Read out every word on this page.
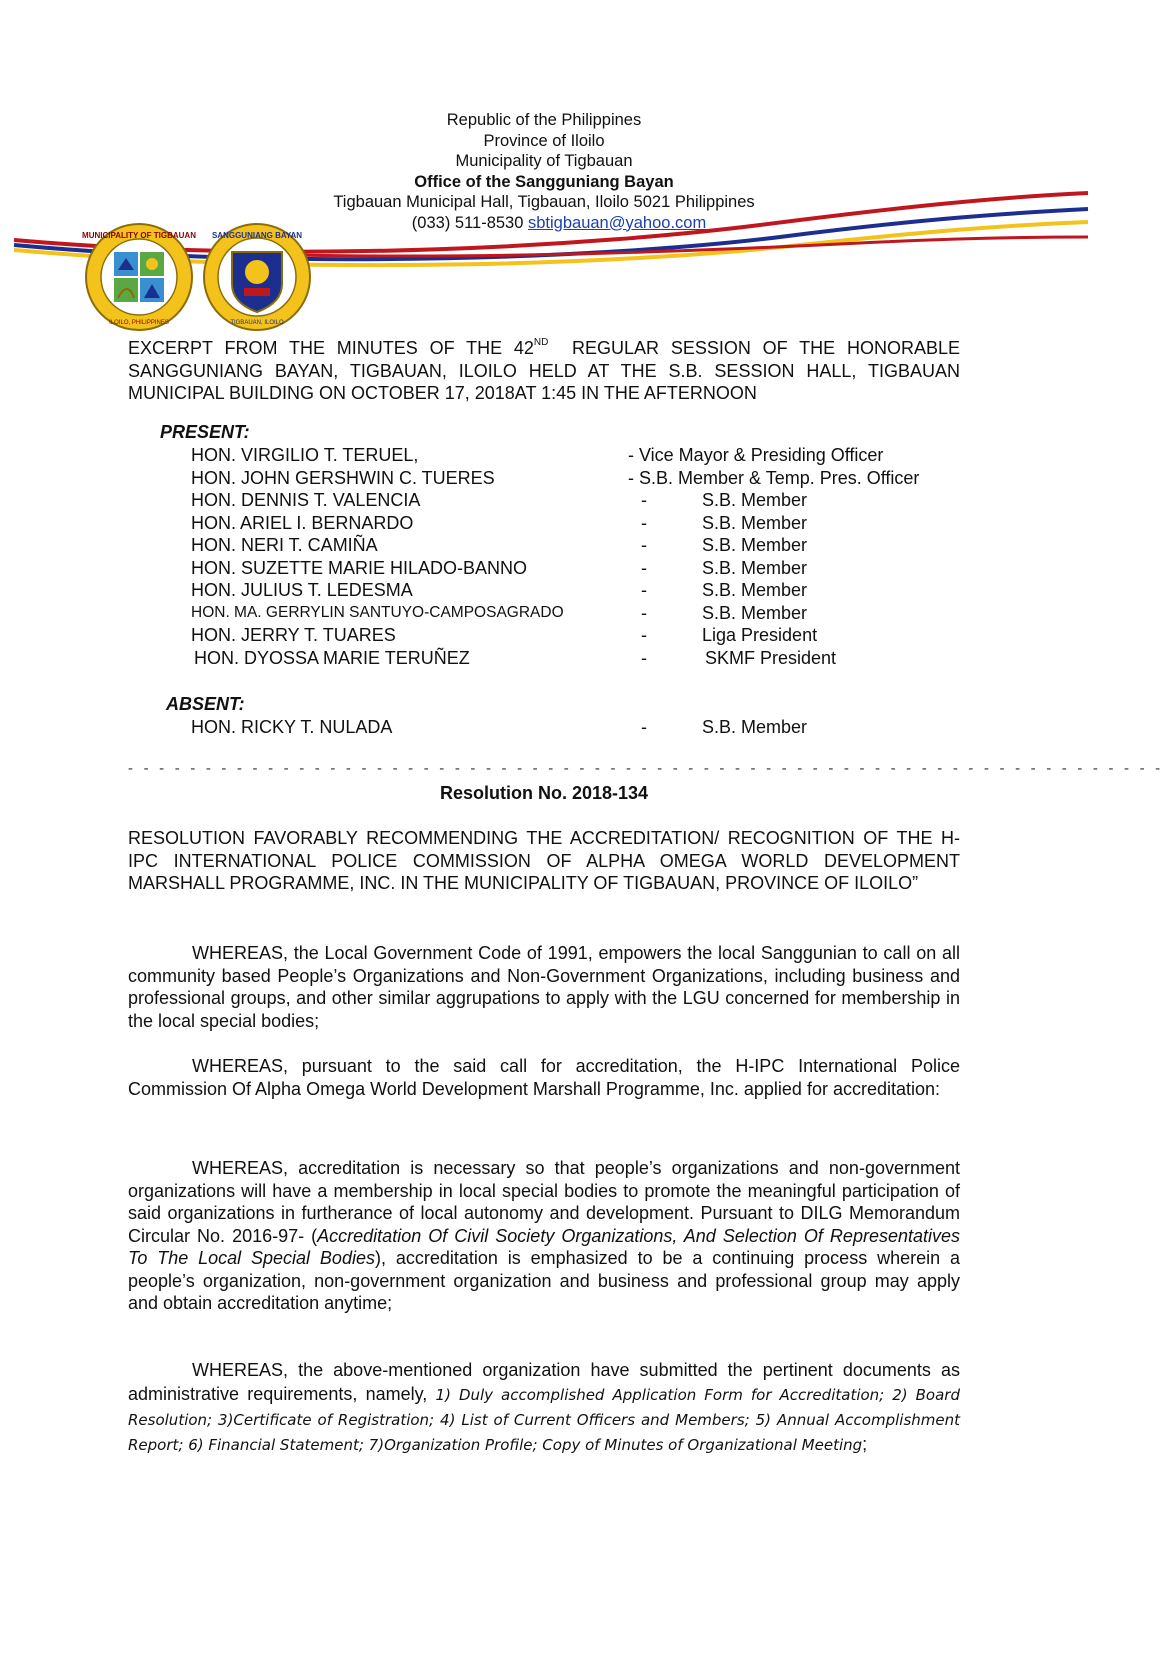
Republic of the Philippines
Province of Iloilo
Municipality of Tigbauan
Office of the Sangguniang Bayan
Tigbauan Municipal Hall, Tigbauan, Iloilo 5021 Philippines
(033) 511-8530 sbtigbauan@yahoo.com
MUNICIPALITY OF TIGBAUAN
ILOILO, PHILIPPINES
SANGGUNIANG BAYAN
TIGBAUAN, ILOILO
EXCERPT FROM THE MINUTES OF THE 42ND REGULAR SESSION OF THE HONORABLE SANGGUNIANG BAYAN, TIGBAUAN, ILOILO HELD AT THE S.B. SESSION HALL, TIGBAUAN MUNICIPAL BUILDING ON OCTOBER 17, 2018AT 1:45 IN THE AFTERNOON
PRESENT:
HON. VIRGILIO T. TERUEL,	- Vice Mayor & Presiding Officer
HON. JOHN GERSHWIN C. TUERES	- S.B. Member & Temp. Pres. Officer
HON. DENNIS T. VALENCIA	-	S.B. Member
HON. ARIEL I. BERNARDO	-	S.B. Member
HON. NERI T. CAMIÑA	-	S.B. Member
HON. SUZETTE MARIE HILADO-BANNO	-	S.B. Member
HON. JULIUS T. LEDESMA	-	S.B. Member
HON. MA. GERRYLIN SANTUYO-CAMPOSAGRADO	-	S.B. Member
HON. JERRY T. TUARES	-	Liga President
HON. DYOSSA MARIE TERUÑEZ	-	SKMF President
ABSENT:
HON. RICKY T. NULADA	-	S.B. Member
- - - - - - - - - - - - - - - - - - - - - - - - - - - - - - - - - - - - - - - - - - - - - - - - - - - - - - - - - - - - - - - - - - -
Resolution No. 2018-134
RESOLUTION FAVORABLY RECOMMENDING THE ACCREDITATION/ RECOGNITION OF THE H-IPC INTERNATIONAL POLICE COMMISSION OF ALPHA OMEGA WORLD DEVELOPMENT MARSHALL PROGRAMME, INC. IN THE MUNICIPALITY OF TIGBAUAN, PROVINCE OF ILOILO”
WHEREAS, the Local Government Code of 1991, empowers the local Sanggunian to call on all community based People’s Organizations and Non-Government Organizations, including business and professional groups, and other similar aggrupations to apply with the LGU concerned for membership in the local special bodies;
WHEREAS, pursuant to the said call for accreditation, the H-IPC International Police Commission Of Alpha Omega World Development Marshall Programme, Inc. applied for accreditation:
WHEREAS, accreditation is necessary so that people’s organizations and non-government organizations will have a membership in local special bodies to promote the meaningful participation of said organizations in furtherance of local autonomy and development. Pursuant to DILG Memorandum Circular No. 2016-97- (Accreditation Of Civil Society Organizations, And Selection Of Representatives To The Local Special Bodies), accreditation is emphasized to be a continuing process wherein a people’s organization, non-government organization and business and professional group may apply and obtain accreditation anytime;
WHEREAS, the above-mentioned organization have submitted the pertinent documents as administrative requirements, namely, 1) Duly accomplished Application Form for Accreditation; 2) Board Resolution; 3)Certificate of Registration; 4) List of Current Officers and Members; 5) Annual Accomplishment Report; 6) Financial Statement; 7)Organization Profile; Copy of Minutes of Organizational Meeting;
